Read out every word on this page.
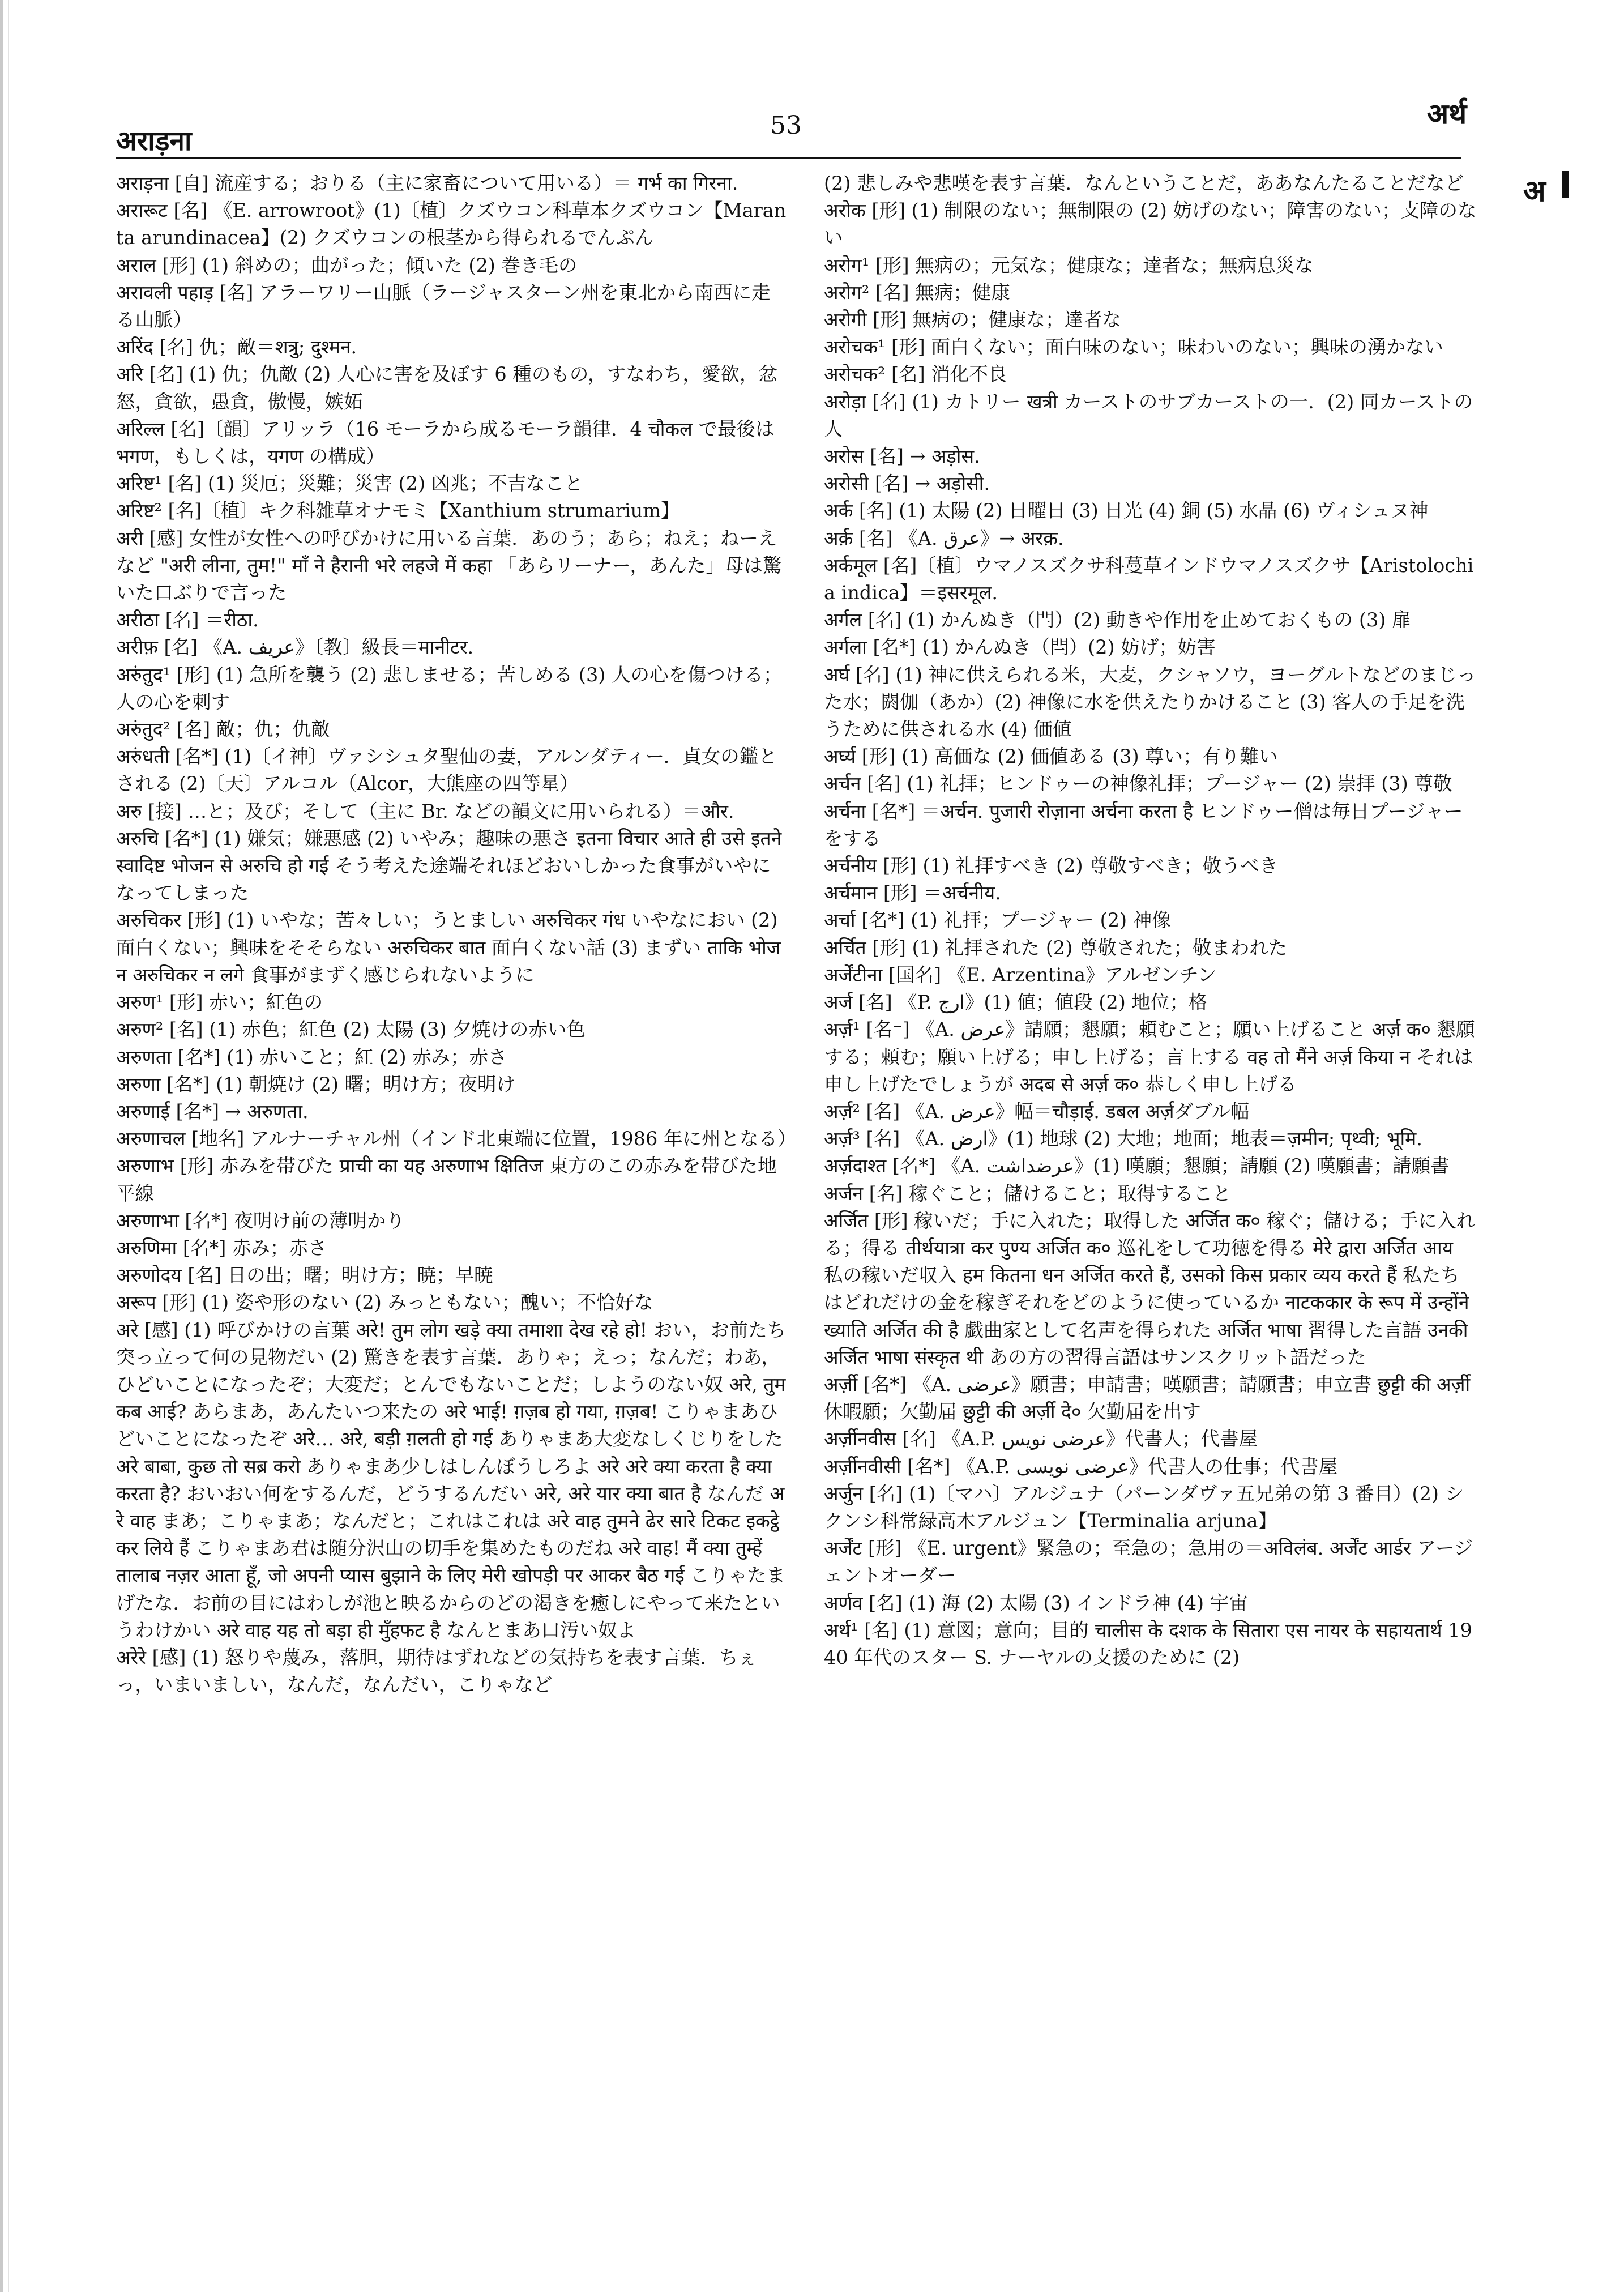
अराड़ना	53	अर्थ
अ

अराड़ना [自] 流産する；おりる（主に家畜について用いる）＝ गर्भ का गिरना.

अरारूट [名] 《E. arrowroot》(1)〔植〕クズウコン科草本クズウコン【Maranta arundinacea】(2) クズウコンの根茎から得られるでんぷん

अराल [形] (1) 斜めの；曲がった；傾いた (2) 巻き毛の

अरावली पहाड़ [名] アラーワリー山脈（ラージャスターン州を東北から南西に走る山脈）

अरिंद [名] 仇；敵＝शत्रु; दुश्मन.

अरि [名] (1) 仇；仇敵 (2) 人心に害を及ぼす 6 種のもの，すなわち，愛欲，忿怒，貪欲，愚貪，傲慢，嫉妬

अरिल्ल [名]〔韻〕アリッラ（16 モーラから成るモーラ韻律．4 चौकल で最後は भगण，もしくは，यगण の構成）

अरिष्ट¹ [名] (1) 災厄；災難；災害 (2) 凶兆；不吉なこと

अरिष्ट² [名]〔植〕キク科雑草オナモミ【Xanthium strumarium】

अरी [感] 女性が女性への呼びかけに用いる言葉．あのう；あら；ねえ；ねーえなど "अरी लीना, तुम!" माँ ने हैरानी भरे लहजे में कहा 「あらリーナー，あんた」母は驚いた口ぶりで言った

अरीठा [名] ＝रीठा.

अरीफ़ [名] 《A. عريف》〔教〕級長＝मानीटर.

अरुंतुद¹ [形] (1) 急所を襲う (2) 悲しませる；苦しめる (3) 人の心を傷つける；人の心を刺す

अरुंतुद² [名] 敵；仇；仇敵

अरुंधती [名*] (1)〔イ神〕ヴァシシュタ聖仙の妻，アルンダティー．貞女の鑑とされる (2)〔天〕アルコル（Alcor，大熊座の四等星）

अरु [接] …と；及び；そして（主に Br. などの韻文に用いられる）＝और.

अरुचि [名*] (1) 嫌気；嫌悪感 (2) いやみ；趣味の悪さ इतना विचार आते ही उसे इतने स्वादिष्ट भोजन से अरुचि हो गई そう考えた途端それほどおいしかった食事がいやになってしまった

अरुचिकर [形] (1) いやな；苦々しい；うとましい अरुचिकर गंध いやなにおい (2) 面白くない；興味をそそらない अरुचिकर बात 面白くない話 (3) まずい ताकि भोजन अरुचिकर न लगे 食事がまずく感じられないように

अरुण¹ [形] 赤い；紅色の

अरुण² [名] (1) 赤色；紅色 (2) 太陽 (3) 夕焼けの赤い色

अरुणता [名*] (1) 赤いこと；紅 (2) 赤み；赤さ

अरुणा [名*] (1) 朝焼け (2) 曙；明け方；夜明け

अरुणाई [名*] → अरुणता.

अरुणाचल [地名] アルナーチャル州（インド北東端に位置，1986 年に州となる）

अरुणाभ [形] 赤みを帯びた प्राची का यह अरुणाभ क्षितिज 東方のこの赤みを帯びた地平線

अरुणाभा [名*] 夜明け前の薄明かり

अरुणिमा [名*] 赤み；赤さ

अरुणोदय [名] 日の出；曙；明け方；暁；早暁

अरूप [形] (1) 姿や形のない (2) みっともない；醜い；不恰好な

अरे [感] (1) 呼びかけの言葉 अरे! तुम लोग खड़े क्या तमाशा देख रहे हो! おい，お前たち突っ立って何の見物だい (2) 驚きを表す言葉．ありゃ；えっ；なんだ；わあ，ひどいことになったぞ；大変だ；とんでもないことだ；しようのない奴 अरे, तुम कब आई? あらまあ，あんたいつ来たの अरे भाई! ग़ज़ब हो गया, ग़ज़ब! こりゃまあひどいことになったぞ अरे… अरे, बड़ी ग़लती हो गई ありゃまあ大変なしくじりをした अरे बाबा, कुछ तो सब्र करो ありゃまあ少しはしんぼうしろよ अरे अरे क्या करता है क्या करता है? おいおい何をするんだ，どうするんだい अरे, अरे यार क्या बात है なんだ अरे वाह まあ；こりゃまあ；なんだと；これはこれは अरे वाह तुमने ढेर सारे टिकट इकट्ठे कर लिये हैं こりゃまあ君は随分沢山の切手を集めたものだね अरे वाह! मैं क्या तुम्हें तालाब नज़र आता हूँ, जो अपनी प्यास बुझाने के लिए मेरी खोपड़ी पर आकर बैठ गई こりゃたまげたな．お前の目にはわしが池と映るからのどの渇きを癒しにやって来たというわけかい अरे वाह यह तो बड़ा ही मुँहफट है なんとまあ口汚い奴よ

अरेरे [感] (1) 怒りや蔑み，落胆，期待はずれなどの気持ちを表す言葉．ちぇっ，いまいましい，なんだ，なんだい，こりゃなど

(2) 悲しみや悲嘆を表す言葉．なんということだ，ああなんたることだなど

अरोक [形] (1) 制限のない；無制限の (2) 妨げのない；障害のない；支障のない

अरोग¹ [形] 無病の；元気な；健康な；達者な；無病息災な

अरोग² [名] 無病；健康

अरोगी [形] 無病の；健康な；達者な

अरोचक¹ [形] 面白くない；面白味のない；味わいのない；興味の湧かない

अरोचक² [名] 消化不良

अरोड़ा [名] (1) カトリー खत्री カーストのサブカーストの一．(2) 同カーストの人

अरोस [名] → अड़ोस.

अरोसी [名] → अड़ोसी.

अर्क [名] (1) 太陽 (2) 日曜日 (3) 日光 (4) 銅 (5) 水晶 (6) ヴィシュヌ神

अर्क़ [名] 《A. عرق》→ अरक़.

अर्कमूल [名]〔植〕ウマノスズクサ科蔓草インドウマノスズクサ【Aristolochia indica】＝इसरमूल.

अर्गल [名] (1) かんぬき（閂）(2) 動きや作用を止めておくもの (3) 扉

अर्गला [名*] (1) かんぬき（閂）(2) 妨げ；妨害

अर्घ [名] (1) 神に供えられる米，大麦，クシャソウ，ヨーグルトなどのまじった水；閼伽（あか）(2) 神像に水を供えたりかけること (3) 客人の手足を洗うために供される水 (4) 価値

अर्घ्य [形] (1) 高価な (2) 価値ある (3) 尊い；有り難い

अर्चन [名] (1) 礼拝；ヒンドゥーの神像礼拝；プージャー (2) 崇拝 (3) 尊敬

अर्चना [名*] ＝अर्चन. पुजारी रोज़ाना अर्चना करता है ヒンドゥー僧は毎日プージャーをする

अर्चनीय [形] (1) 礼拝すべき (2) 尊敬すべき；敬うべき

अर्चमान [形] ＝अर्चनीय.

अर्चा [名*] (1) 礼拝；プージャー (2) 神像

अर्चित [形] (1) 礼拝された (2) 尊敬された；敬まわれた

अर्जेंटीना [国名] 《E. Arzentina》アルゼンチン

अर्ज [名] 《P. ارج》(1) 値；値段 (2) 地位；格

अर्ज़¹ [名⁻] 《A. عرض》請願；懇願；頼むこと；願い上げること अर्ज़ क० 懇願する；頼む；願い上げる；申し上げる；言上する वह तो मैंने अर्ज़ किया न それは申し上げたでしょうが अदब से अर्ज़ क० 恭しく申し上げる

अर्ज़² [名] 《A. عرض》幅＝चौड़ाई. डबल अर्ज़ダブル幅

अर्ज़³ [名] 《A. ارض》(1) 地球 (2) 大地；地面；地表＝ज़मीन; पृथ्वी; भूमि.

अर्ज़दाश्त [名*] 《A. عرضداشت》(1) 嘆願；懇願；請願 (2) 嘆願書；請願書

अर्जन [名] 稼ぐこと；儲けること；取得すること

अर्जित [形] 稼いだ；手に入れた；取得した अर्जित क० 稼ぐ；儲ける；手に入れる；得る तीर्थयात्रा कर पुण्य अर्जित क० 巡礼をして功徳を得る मेरे द्वारा अर्जित आय 私の稼いだ収入 हम कितना धन अर्जित करते हैं, उसको किस प्रकार व्यय करते हैं 私たちはどれだけの金を稼ぎそれをどのように使っているか नाटककार के रूप में उन्होंने ख्याति अर्जित की है 戯曲家として名声を得られた अर्जित भाषा 習得した言語 उनकी अर्जित भाषा संस्कृत थी あの方の習得言語はサンスクリット語だった

अर्ज़ी [名*] 《A. عرضی》願書；申請書；嘆願書；請願書；申立書 छुट्टी की अर्ज़ी 休暇願；欠勤届 छुट्टी की अर्ज़ी दे० 欠勤届を出す

अर्ज़ीनवीस [名] 《A.P. عرضی نویس》代書人；代書屋

अर्ज़ीनवीसी [名*] 《A.P. عرضی نویسی》代書人の仕事；代書屋

अर्जुन [名] (1)〔マハ〕アルジュナ（パーンダヴァ五兄弟の第 3 番目）(2) シクンシ科常緑高木アルジュン【Terminalia arjuna】

अर्जेंट [形] 《E. urgent》緊急の；至急の；急用の＝अविलंब. अर्जेंट आर्डर アージェントオーダー

अर्णव [名] (1) 海 (2) 太陽 (3) インドラ神 (4) 宇宙

अर्थ¹ [名] (1) 意図；意向；目的 चालीस के दशक के सितारा एस नायर के सहायतार्थ 1940 年代のスター S. ナーヤルの支援のために (2)
